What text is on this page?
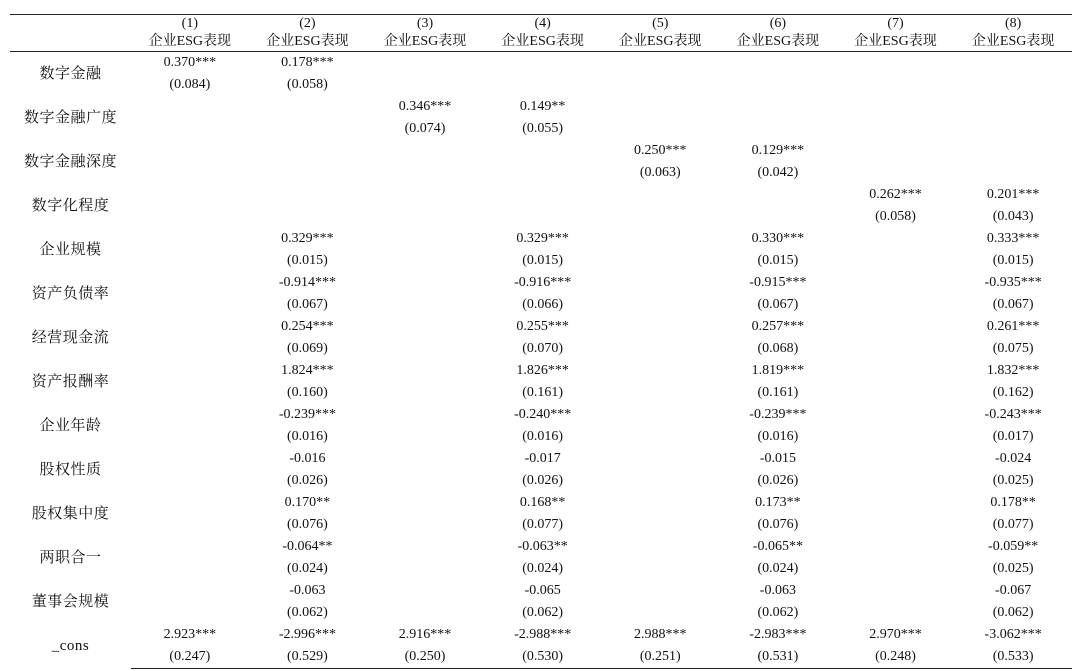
	(1)	(2)	(3)	(4)	(5)	(6)	(7)	(8)
	企业ESG表现	企业ESG表现	企业ESG表现	企业ESG表现	企业ESG表现	企业ESG表现	企业ESG表现	企业ESG表现
数字金融	0.370***	0.178***						
	(0.084)	(0.058)						
数字金融广度			0.346***	0.149**				
			(0.074)	(0.055)				
数字金融深度					0.250***	0.129***		
					(0.063)	(0.042)		
数字化程度							0.262***	0.201***
							(0.058)	(0.043)
企业规模		0.329***		0.329***		0.330***		0.333***
		(0.015)		(0.015)		(0.015)		(0.015)
资产负债率		-0.914***		-0.916***		-0.915***		-0.935***
		(0.067)		(0.066)		(0.067)		(0.067)
经营现金流		0.254***		0.255***		0.257***		0.261***
		(0.069)		(0.070)		(0.068)		(0.075)
资产报酬率		1.824***		1.826***		1.819***		1.832***
		(0.160)		(0.161)		(0.161)		(0.162)
企业年龄		-0.239***		-0.240***		-0.239***		-0.243***
		(0.016)		(0.016)		(0.016)		(0.017)
股权性质		-0.016		-0.017		-0.015		-0.024
		(0.026)		(0.026)		(0.026)		(0.025)
股权集中度		0.170**		0.168**		0.173**		0.178**
		(0.076)		(0.077)		(0.076)		(0.077)
两职合一		-0.064**		-0.063**		-0.065**		-0.059**
		(0.024)		(0.024)		(0.024)		(0.025)
董事会规模		-0.063		-0.065		-0.063		-0.067
		(0.062)		(0.062)		(0.062)		(0.062)
_cons	2.923***	-2.996***	2.916***	-2.988***	2.988***	-2.983***	2.970***	-3.062***
	(0.247)	(0.529)	(0.250)	(0.530)	(0.251)	(0.531)	(0.248)	(0.533)
